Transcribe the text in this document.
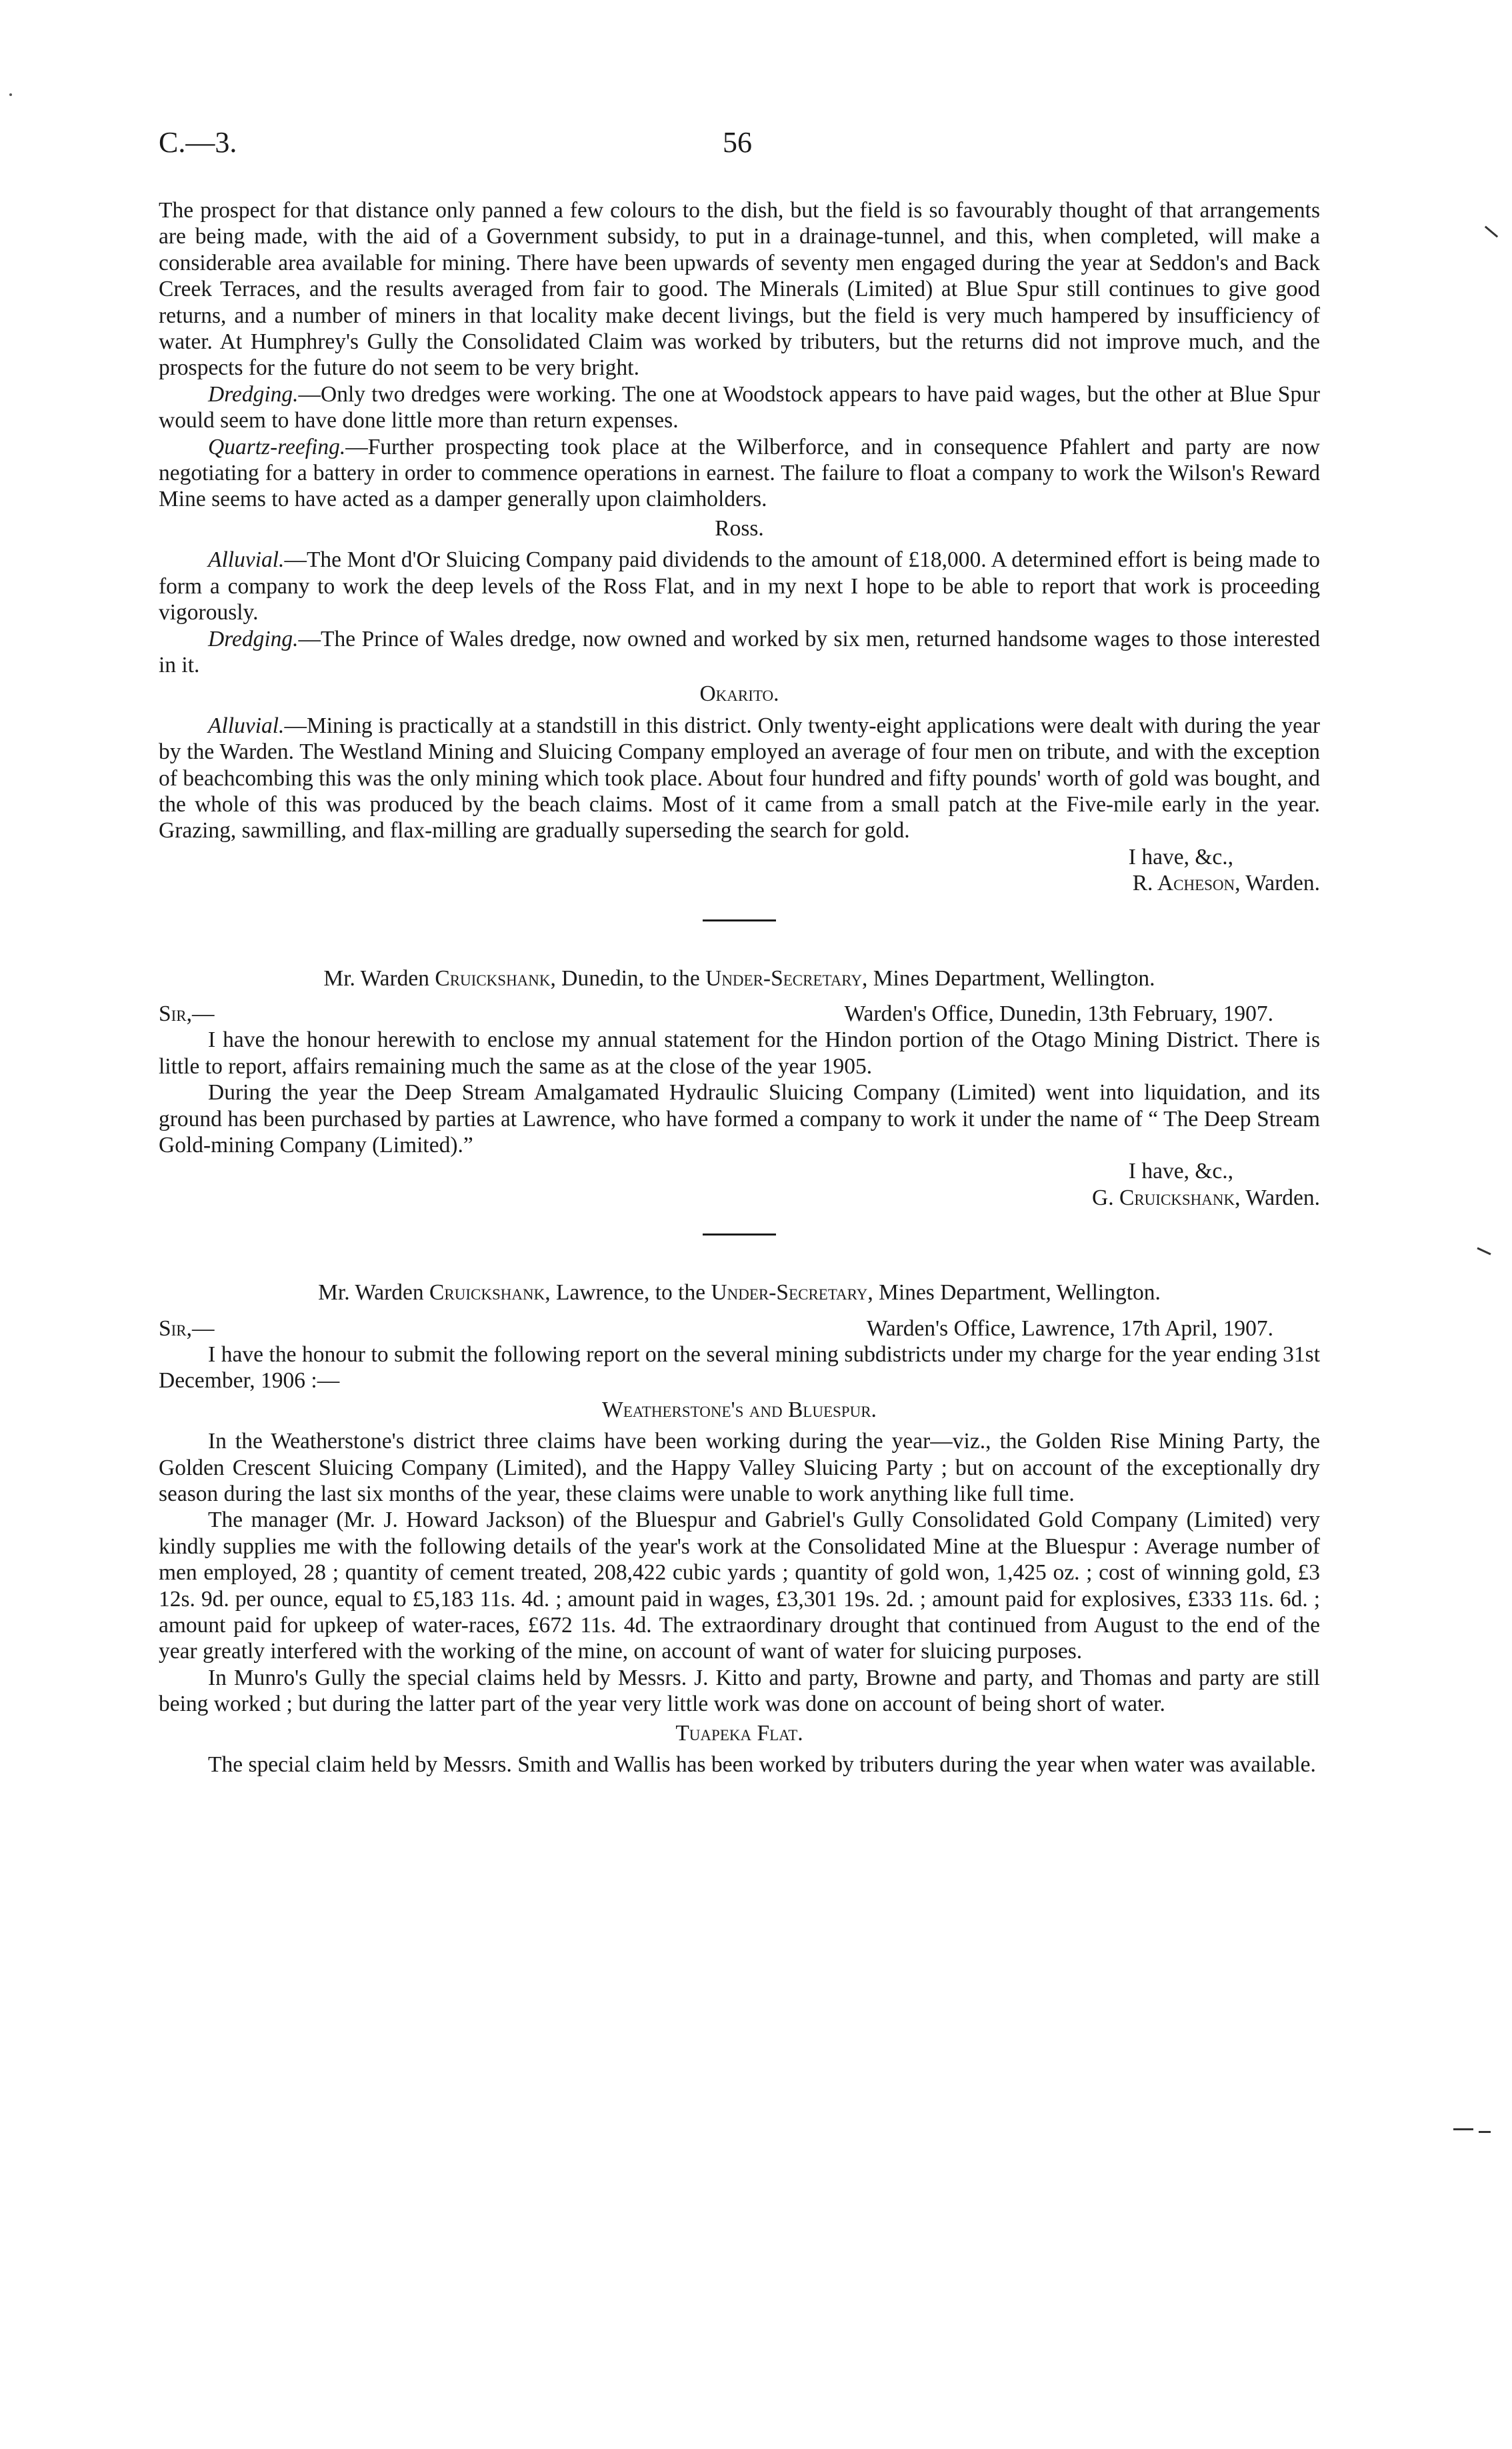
C.—3.	56

The prospect for that distance only panned a few colours to the dish, but the field is so favourably thought of that arrangements are being made, with the aid of a Government subsidy, to put in a drainage-tunnel, and this, when completed, will make a considerable area available for mining. There have been upwards of seventy men engaged during the year at Seddon's and Back Creek Terraces, and the results averaged from fair to good. The Minerals (Limited) at Blue Spur still continues to give good returns, and a number of miners in that locality make decent livings, but the field is very much hampered by insufficiency of water. At Humphrey's Gully the Consolidated Claim was worked by tributers, but the returns did not improve much, and the prospects for the future do not seem to be very bright.

Dredging.—Only two dredges were working. The one at Woodstock appears to have paid wages, but the other at Blue Spur would seem to have done little more than return expenses.

Quartz-reefing.—Further prospecting took place at the Wilberforce, and in consequence Pfahlert and party are now negotiating for a battery in order to commence operations in earnest. The failure to float a company to work the Wilson's Reward Mine seems to have acted as a damper generally upon claimholders.

Ross.

Alluvial.—The Mont d'Or Sluicing Company paid dividends to the amount of £18,000. A determined effort is being made to form a company to work the deep levels of the Ross Flat, and in my next I hope to be able to report that work is proceeding vigorously.

Dredging.—The Prince of Wales dredge, now owned and worked by six men, returned handsome wages to those interested in it.

Okarito.

Alluvial.—Mining is practically at a standstill in this district. Only twenty-eight applications were dealt with during the year by the Warden. The Westland Mining and Sluicing Company employed an average of four men on tribute, and with the exception of beachcombing this was the only mining which took place. About four hundred and fifty pounds' worth of gold was bought, and the whole of this was produced by the beach claims. Most of it came from a small patch at the Five-mile early in the year. Grazing, sawmilling, and flax-milling are gradually superseding the search for gold.

I have, &c.,

R. Acheson, Warden.

Mr. Warden Cruickshank, Dunedin, to the Under-Secretary, Mines Department, Wellington.

Sir,—	Warden's Office, Dunedin, 13th February, 1907.

I have the honour herewith to enclose my annual statement for the Hindon portion of the Otago Mining District. There is little to report, affairs remaining much the same as at the close of the year 1905.

During the year the Deep Stream Amalgamated Hydraulic Sluicing Company (Limited) went into liquidation, and its ground has been purchased by parties at Lawrence, who have formed a company to work it under the name of “ The Deep Stream Gold-mining Company (Limited).”

I have, &c.,

G. Cruickshank, Warden.

Mr. Warden Cruickshank, Lawrence, to the Under-Secretary, Mines Department, Wellington.

Sir,—	Warden's Office, Lawrence, 17th April, 1907.

I have the honour to submit the following report on the several mining subdistricts under my charge for the year ending 31st December, 1906 :—

Weatherstone's and Bluespur.

In the Weatherstone's district three claims have been working during the year—viz., the Golden Rise Mining Party, the Golden Crescent Sluicing Company (Limited), and the Happy Valley Sluicing Party ; but on account of the exceptionally dry season during the last six months of the year, these claims were unable to work anything like full time.

The manager (Mr. J. Howard Jackson) of the Bluespur and Gabriel's Gully Consolidated Gold Company (Limited) very kindly supplies me with the following details of the year's work at the Consolidated Mine at the Bluespur : Average number of men employed, 28 ; quantity of cement treated, 208,422 cubic yards ; quantity of gold won, 1,425 oz. ; cost of winning gold, £3 12s. 9d. per ounce, equal to £5,183 11s. 4d. ; amount paid in wages, £3,301 19s. 2d. ; amount paid for explosives, £333 11s. 6d. ; amount paid for upkeep of water-races, £672 11s. 4d. The extraordinary drought that continued from August to the end of the year greatly interfered with the working of the mine, on account of want of water for sluicing purposes.

In Munro's Gully the special claims held by Messrs. J. Kitto and party, Browne and party, and Thomas and party are still being worked ; but during the latter part of the year very little work was done on account of being short of water.

Tuapeka Flat.

The special claim held by Messrs. Smith and Wallis has been worked by tributers during the year when water was available.
